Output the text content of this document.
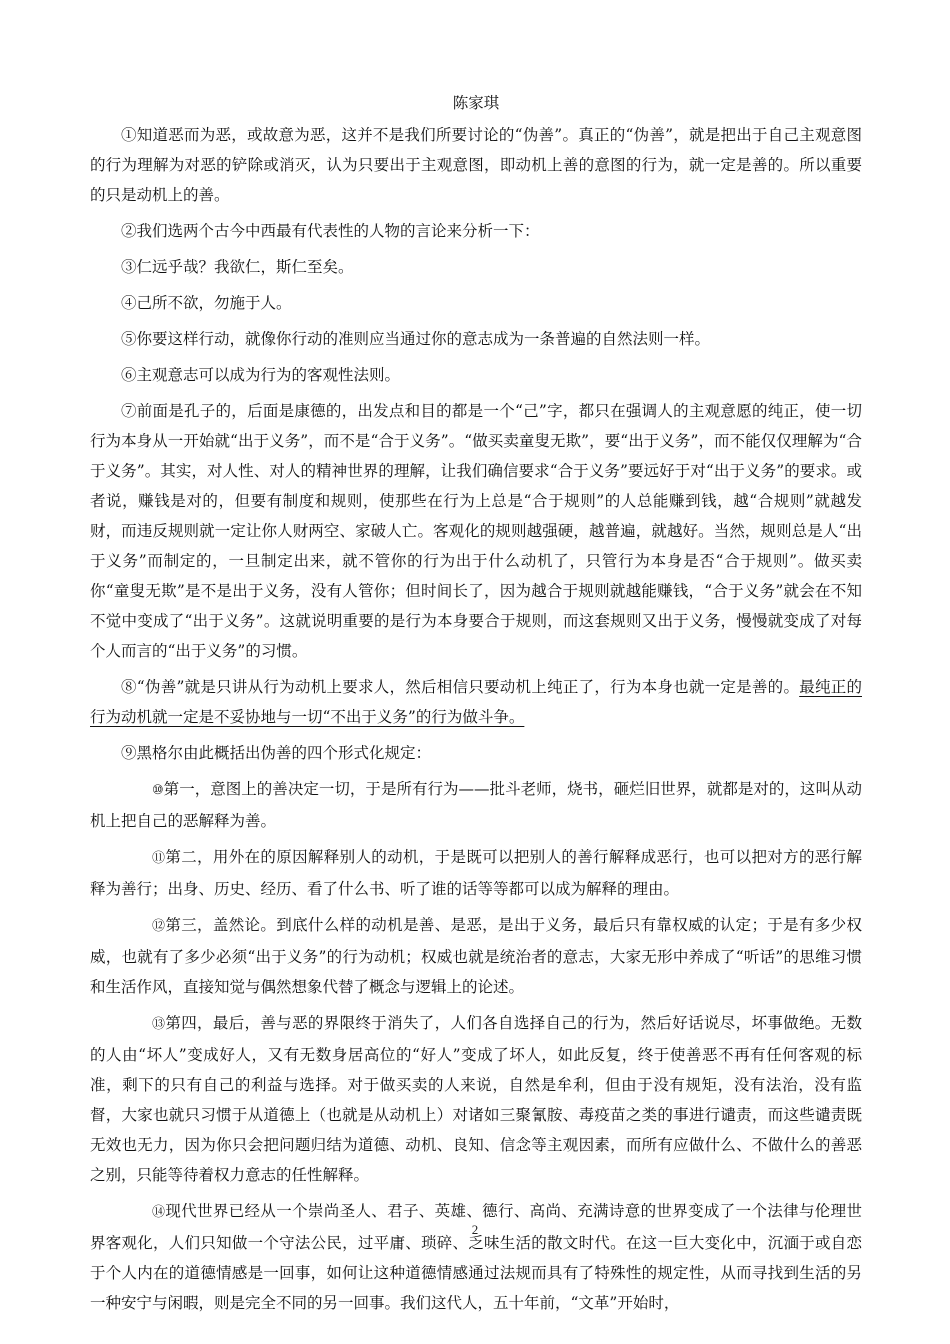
陈家琪

①知道恶而为恶，或故意为恶，这并不是我们所要讨论的“伪善”。真正的“伪善”，就是把出于自己主观意图的行为理解为对恶的铲除或消灭，认为只要出于主观意图，即动机上善的意图的行为，就一定是善的。所以重要的只是动机上的善。

②我们选两个古今中西最有代表性的人物的言论来分析一下：

③仁远乎哉？我欲仁，斯仁至矣。

④己所不欲，勿施于人。

⑤你要这样行动，就像你行动的准则应当通过你的意志成为一条普遍的自然法则一样。

⑥主观意志可以成为行为的客观性法则。

⑦前面是孔子的，后面是康德的，出发点和目的都是一个“己”字，都只在强调人的主观意愿的纯正，使一切行为本身从一开始就“出于义务”，而不是“合于义务”。“做买卖童叟无欺”，要“出于义务”，而不能仅仅理解为“合于义务”。其实，对人性、对人的精神世界的理解，让我们确信要求“合于义务”要远好于对“出于义务”的要求。或者说，赚钱是对的，但要有制度和规则，使那些在行为上总是“合于规则”的人总能赚到钱，越“合规则”就越发财，而违反规则就一定让你人财两空、家破人亡。客观化的规则越强硬，越普遍，就越好。当然，规则总是人“出于义务”而制定的，一旦制定出来，就不管你的行为出于什么动机了，只管行为本身是否“合于规则”。做买卖你“童叟无欺”是不是出于义务，没有人管你；但时间长了，因为越合于规则就越能赚钱，“合于义务”就会在不知不觉中变成了“出于义务”。这就说明重要的是行为本身要合于规则，而这套规则又出于义务，慢慢就变成了对每个人而言的“出于义务”的习惯。

⑧“伪善”就是只讲从行为动机上要求人，然后相信只要动机上纯正了，行为本身也就一定是善的。最纯正的行为动机就一定是不妥协地与一切“不出于义务”的行为做斗争。

⑨黑格尔由此概括出伪善的四个形式化规定：

⑩第一，意图上的善决定一切，于是所有行为——批斗老师，烧书，砸烂旧世界，就都是对的，这叫从动机上把自己的恶解释为善。

⑪第二，用外在的原因解释别人的动机，于是既可以把别人的善行解释成恶行，也可以把对方的恶行解释为善行；出身、历史、经历、看了什么书、听了谁的话等等都可以成为解释的理由。

⑫第三，盖然论。到底什么样的动机是善、是恶，是出于义务，最后只有靠权威的认定；于是有多少权威，也就有了多少必须“出于义务”的行为动机；权威也就是统治者的意志，大家无形中养成了“听话”的思维习惯和生活作风，直接知觉与偶然想象代替了概念与逻辑上的论述。

⑬第四，最后，善与恶的界限终于消失了，人们各自选择自己的行为，然后好话说尽，坏事做绝。无数的人由“坏人”变成好人，又有无数身居高位的“好人”变成了坏人，如此反复，终于使善恶不再有任何客观的标准，剩下的只有自己的利益与选择。对于做买卖的人来说，自然是牟利，但由于没有规矩，没有法治，没有监督，大家也就只习惯于从道德上（也就是从动机上）对诸如三聚氰胺、毒疫苗之类的事进行谴责，而这些谴责既无效也无力，因为你只会把问题归结为道德、动机、良知、信念等主观因素，而所有应做什么、不做什么的善恶之别，只能等待着权力意志的任性解释。

⑭现代世界已经从一个崇尚圣人、君子、英雄、德行、高尚、充满诗意的世界变成了一个法律与伦理世界客观化，人们只知做一个守法公民，过平庸、琐碎、乏味生活的散文时代。在这一巨大变化中，沉湎于或自恋于个人内在的道德情感是一回事，如何让这种道德情感通过法规而具有了特殊性的规定性，从而寻找到生活的另一种安宁与闲暇，则是完全不同的另一回事。我们这代人，五十年前，“文革”开始时，

2
